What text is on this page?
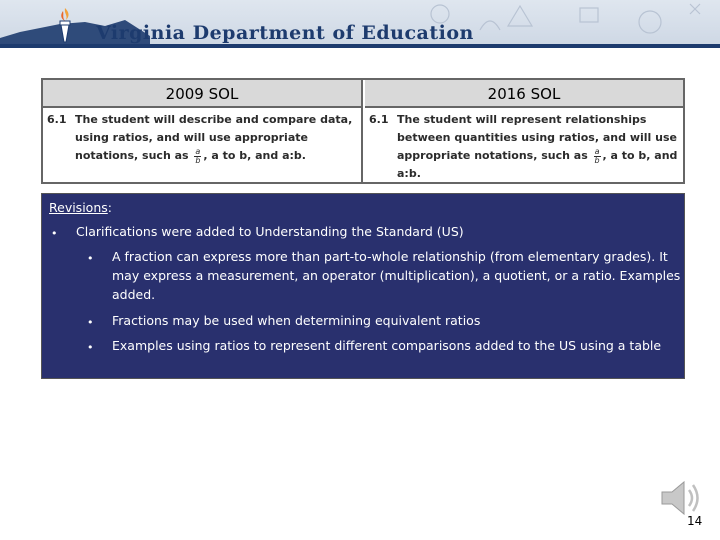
Virginia Department of Education
2009 SOL
6.1 The student will describe and compare data, using ratios, and will use appropriate notations, such as $\frac{a}{b}$ , a to b, and a:b.
2016 SOL
6.1 The student will represent relationships between quantities using ratios, and will use appropriate notations, such as $\frac{a}{b}$ , a to b, and a:b.
Revisions:
• Clarifications were added to Understanding the Standard (US)
• A fraction can express more than part-to-whole relationship (from elementary grades). It may express a measurement, an operator (multiplication), a quotient, or a ratio. Examples added.
• Fractions may be used when determining equivalent ratios
• Examples using ratios to represent different comparisons added to the US using a table
14
